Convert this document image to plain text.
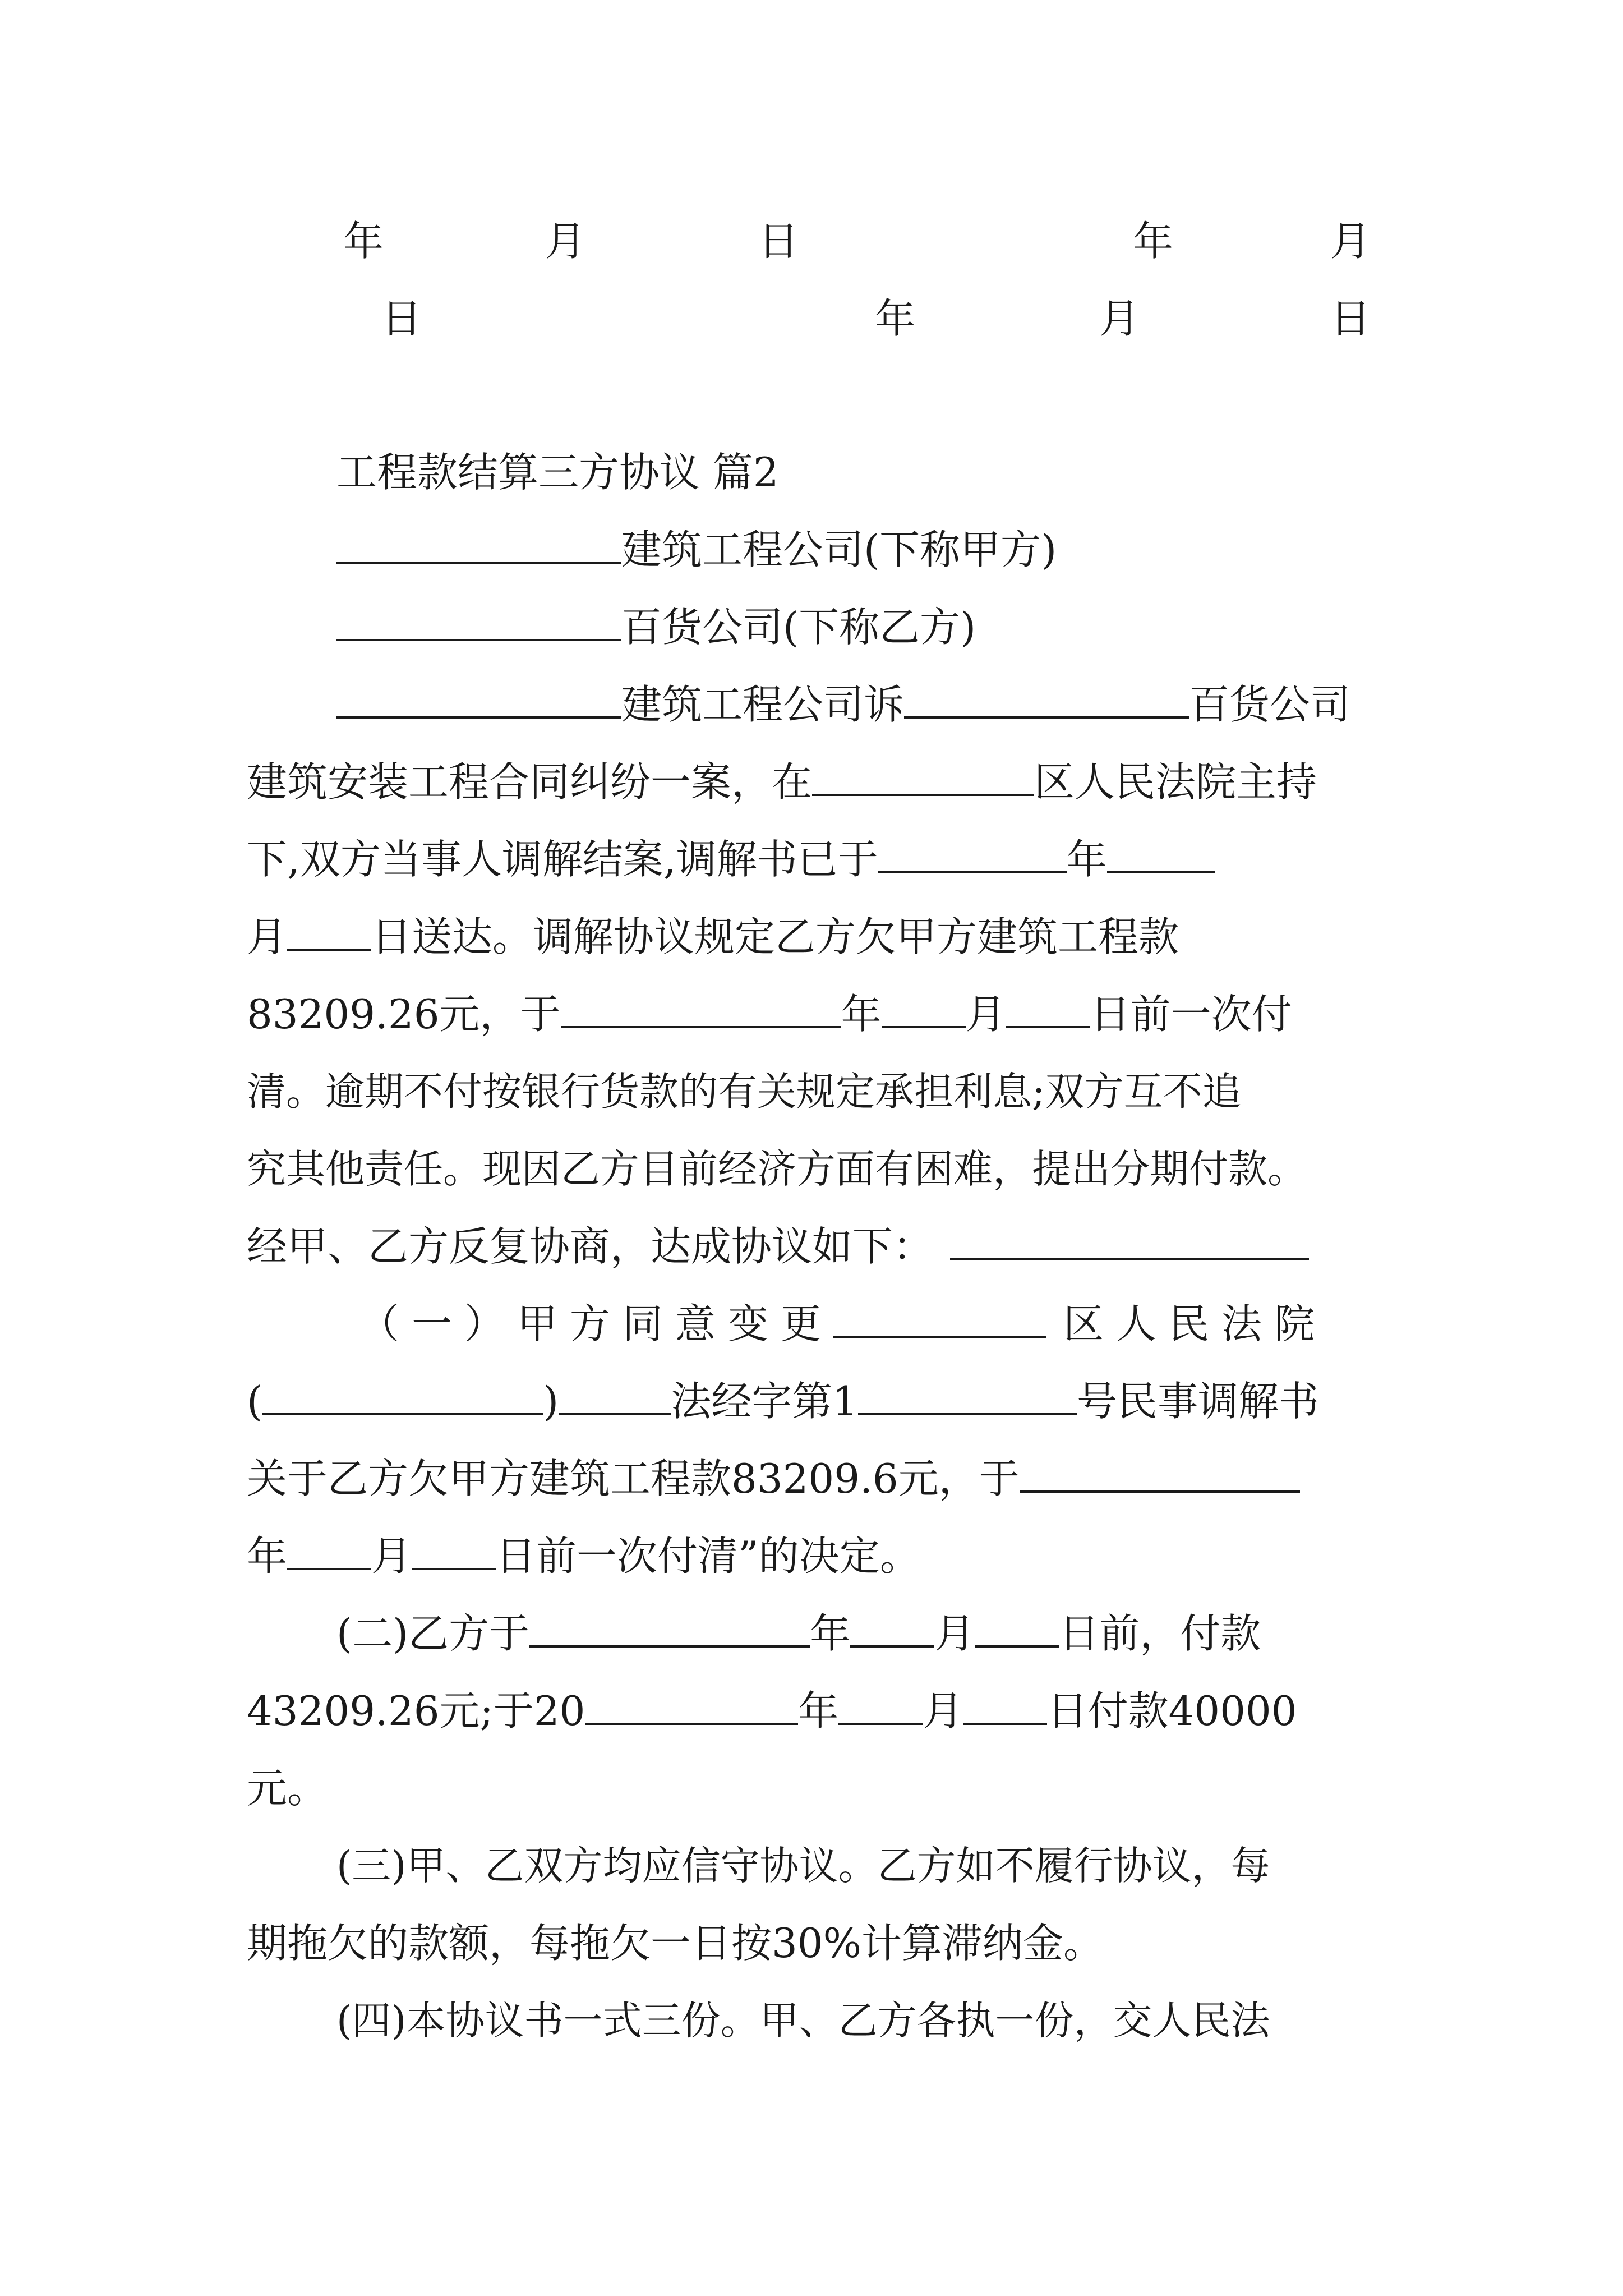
年	月	日	年	月
日	年	月	日
工程款结算三方协议 篇2
建筑工程公司(下称甲方)
百货公司(下称乙方)
建筑工程公司诉	百货公司
建筑安装工程合同纠纷一案，在	区人民法院主持
下,双方当事人调解结案,调解书已于	年
月 日送达。调解协议规定乙方欠甲方建筑工程款
83209.26元，于	年 月 日前一次付
清。逾期不付按银行货款的有关规定承担利息;双方互不追
究其他责任。现因乙方目前经济方面有困难，提出分期付款。
经甲、乙方反复协商，达成协议如下：
（一）甲方同意变更	区人民法院
(	)	法经字第1	号民事调解书
关于乙方欠甲方建筑工程款83209.6元，于
年 月 日前一次付清”的决定。
(二)乙方于	年 月 日前，付款
43209.26元;于20	年 月 日付款40000
元。
(三)甲、乙双方均应信守协议。乙方如不履行协议，每
期拖欠的款额，每拖欠一日按30%计算滞纳金。
(四)本协议书一式三份。甲、乙方各执一份，交人民法
